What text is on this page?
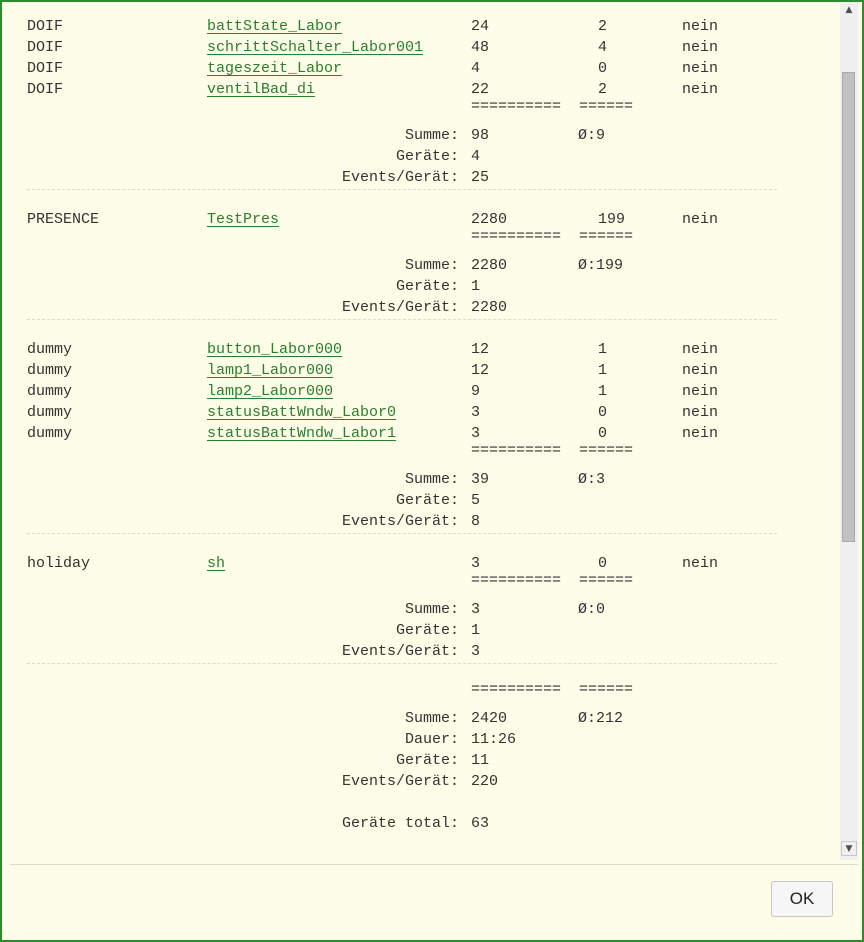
DOIF	battState_Labor	24	2	nein
DOIF	schrittSchalter_Labor001	48	4	nein
DOIF	tageszeit_Labor	4	0	nein
DOIF	ventilBad_di	22	2	nein
==========  ======
Summe: 98	Ø:9
Geräte: 4
Events/Gerät: 25
PRESENCE	TestPres	2280	199	nein
==========  ======
Summe: 2280	Ø:199
Geräte: 1
Events/Gerät: 2280
dummy	button_Labor000	12	1	nein
dummy	lamp1_Labor000	12	1	nein
dummy	lamp2_Labor000	9	1	nein
dummy	statusBattWndw_Labor0	3	0	nein
dummy	statusBattWndw_Labor1	3	0	nein
==========  ======
Summe: 39	Ø:3
Geräte: 5
Events/Gerät: 8
holiday	sh	3	0	nein
==========  ======
Summe: 3	Ø:0
Geräte: 1
Events/Gerät: 3
==========  ======
Summe: 2420	Ø:212
Dauer: 11:26
Geräte: 11
Events/Gerät: 220
Geräte total: 63
▲
▼
OK
